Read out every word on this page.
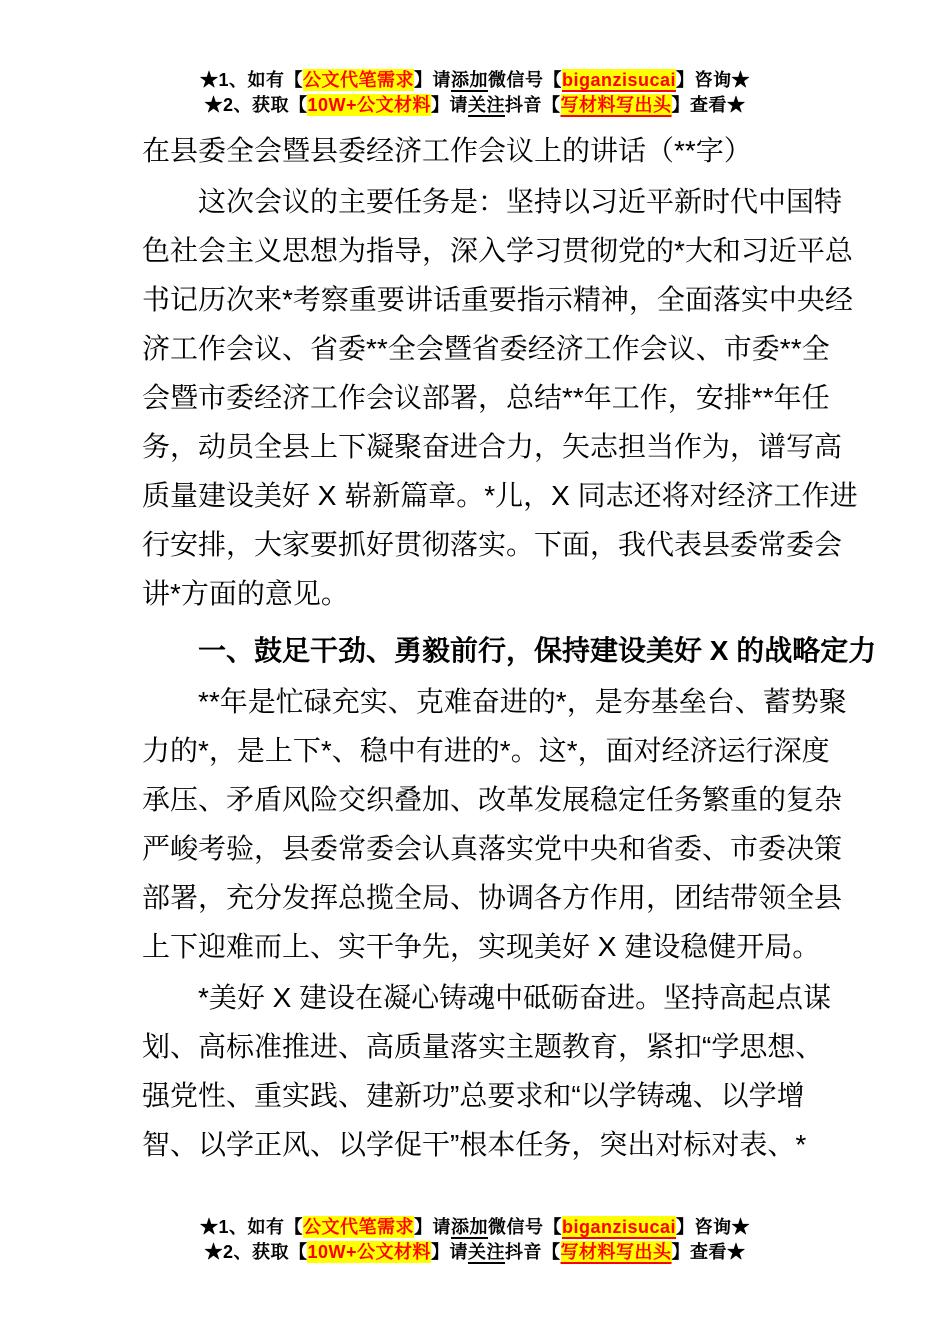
★1、如有【公文代笔需求】请添加微信号【biganzisucai】咨询★
★2、获取【10W+公文材料】请关注抖音【写材料写出头】查看★
在县委全会暨县委经济工作会议上的讲话（**字）
这次会议的主要任务是：坚持以习近平新时代中国特
色社会主义思想为指导，深入学习贯彻党的*大和习近平总
书记历次来*考察重要讲话重要指示精神，全面落实中央经
济工作会议、省委**全会暨省委经济工作会议、市委**全
会暨市委经济工作会议部署，总结**年工作，安排**年任
务，动员全县上下凝聚奋进合力，矢志担当作为，谱写高
质量建设美好 X 崭新篇章。*儿，X 同志还将对经济工作进
行安排，大家要抓好贯彻落实。下面，我代表县委常委会
讲*方面的意见。
一、鼓足干劲、勇毅前行，保持建设美好 X 的战略定力
**年是忙碌充实、克难奋进的*，是夯基垒台、蓄势聚
力的*，是上下*、稳中有进的*。这*，面对经济运行深度
承压、矛盾风险交织叠加、改革发展稳定任务繁重的复杂
严峻考验，县委常委会认真落实党中央和省委、市委决策
部署，充分发挥总揽全局、协调各方作用，团结带领全县
上下迎难而上、实干争先，实现美好 X 建设稳健开局。
*美好 X 建设在凝心铸魂中砥砺奋进。坚持高起点谋
划、高标准推进、高质量落实主题教育，紧扣“学思想、
强党性、重实践、建新功”总要求和“以学铸魂、以学增
智、以学正风、以学促干”根本任务，突出对标对表、*
★1、如有【公文代笔需求】请添加微信号【biganzisucai】咨询★
★2、获取【10W+公文材料】请关注抖音【写材料写出头】查看★
